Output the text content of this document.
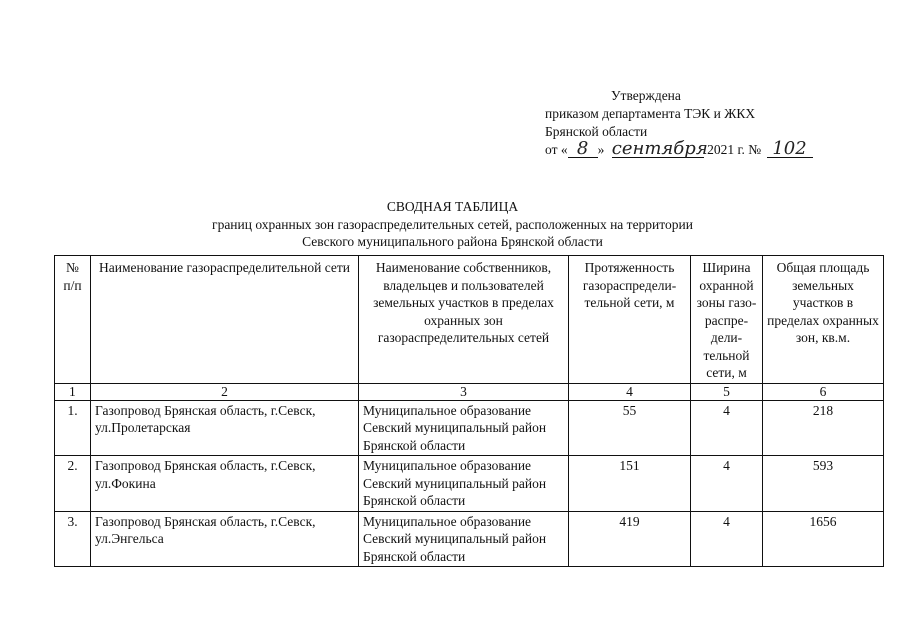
Утверждена
приказом департамента ТЭК и ЖКХ
Брянской области
от « 8 » сентября 2021 г. № 102
СВОДНАЯ ТАБЛИЦА
границ охранных зон газораспределительных сетей, расположенных на территории
Севского муниципального района Брянской области
№ п/п	Наименование газораспределительной сети	Наименование собственников, владельцев и пользователей земельных участков в пределах охранных зон газораспределительных сетей	Протяженность газораспредели-тельной сети, м	Ширина охранной зоны газо-распре-дели-тельной сети, м	Общая площадь земельных участков в пределах охранных зон, кв.м.
1	2	3	4	5	6
1.	Газопровод Брянская область, г.Севск, ул.Пролетарская	Муниципальное образование Севский муниципальный район Брянской области	55	4	218
2.	Газопровод Брянская область, г.Севск, ул.Фокина	Муниципальное образование Севский муниципальный район Брянской области	151	4	593
3.	Газопровод Брянская область, г.Севск, ул.Энгельса	Муниципальное образование Севский муниципальный район Брянской области	419	4	1656
